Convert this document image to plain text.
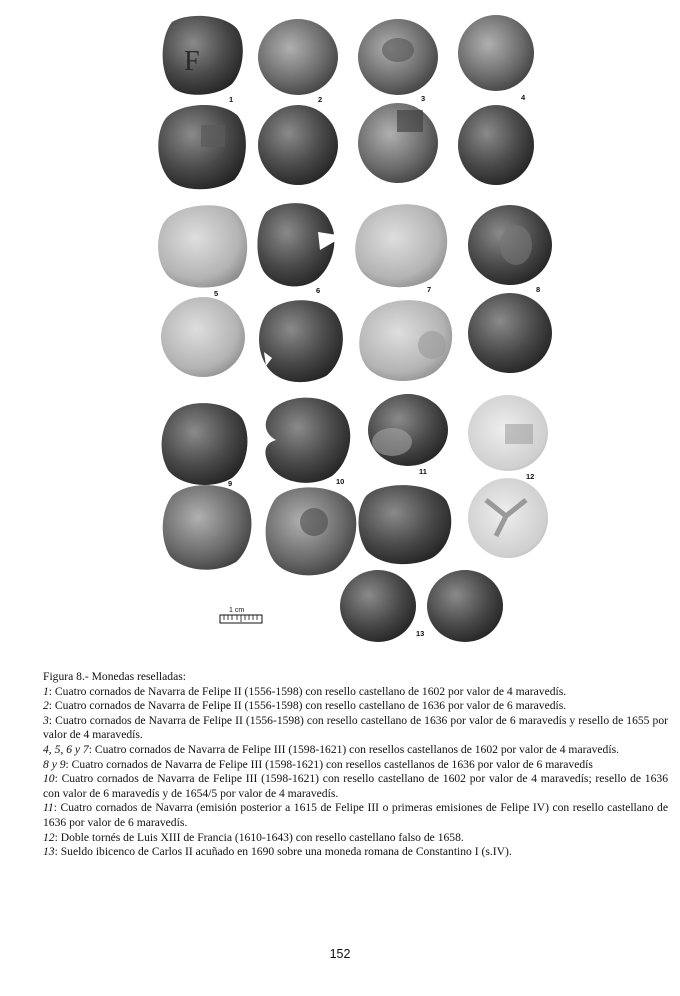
F
1	2	3	4
5	6	7	8
9	10
11
12
13
1 cm

Figura 8.- Monedas reselladas:

1: Cuatro cornados de Navarra de Felipe II (1556-1598) con resello castellano de 1602 por valor de 4 maravedís.

2: Cuatro cornados de Navarra de Felipe II (1556-1598) con resello castellano de 1636 por valor de 6 maravedís.

3: Cuatro cornados de Navarra de Felipe II (1556-1598) con resello castellano de 1636 por valor de 6 maravedís y resello de 1655 por valor de 4 maravedís.

4, 5, 6 y 7: Cuatro cornados de Navarra de Felipe III (1598-1621) con resellos castellanos de 1602 por valor de 4 maravedís.

8 y 9: Cuatro cornados de Navarra de Felipe III (1598-1621) con resellos castellanos de 1636 por valor de 6 maravedís

10: Cuatro cornados de Navarra de Felipe III (1598-1621) con resello castellano de 1602 por valor de 4 maravedís; resello de 1636 con valor de 6 maravedís y de 1654/5 por valor de 4 maravedís.

11: Cuatro cornados de Navarra (emisión posterior a 1615 de Felipe III o primeras emisiones de Felipe IV) con resello castellano de 1636 por valor de 6 maravedís.

12: Doble tornés de Luis XIII de Francia (1610-1643) con resello castellano falso de 1658.

13: Sueldo ibicenco de Carlos II acuñado en 1690 sobre una moneda romana de Constantino I (s.IV).

152
